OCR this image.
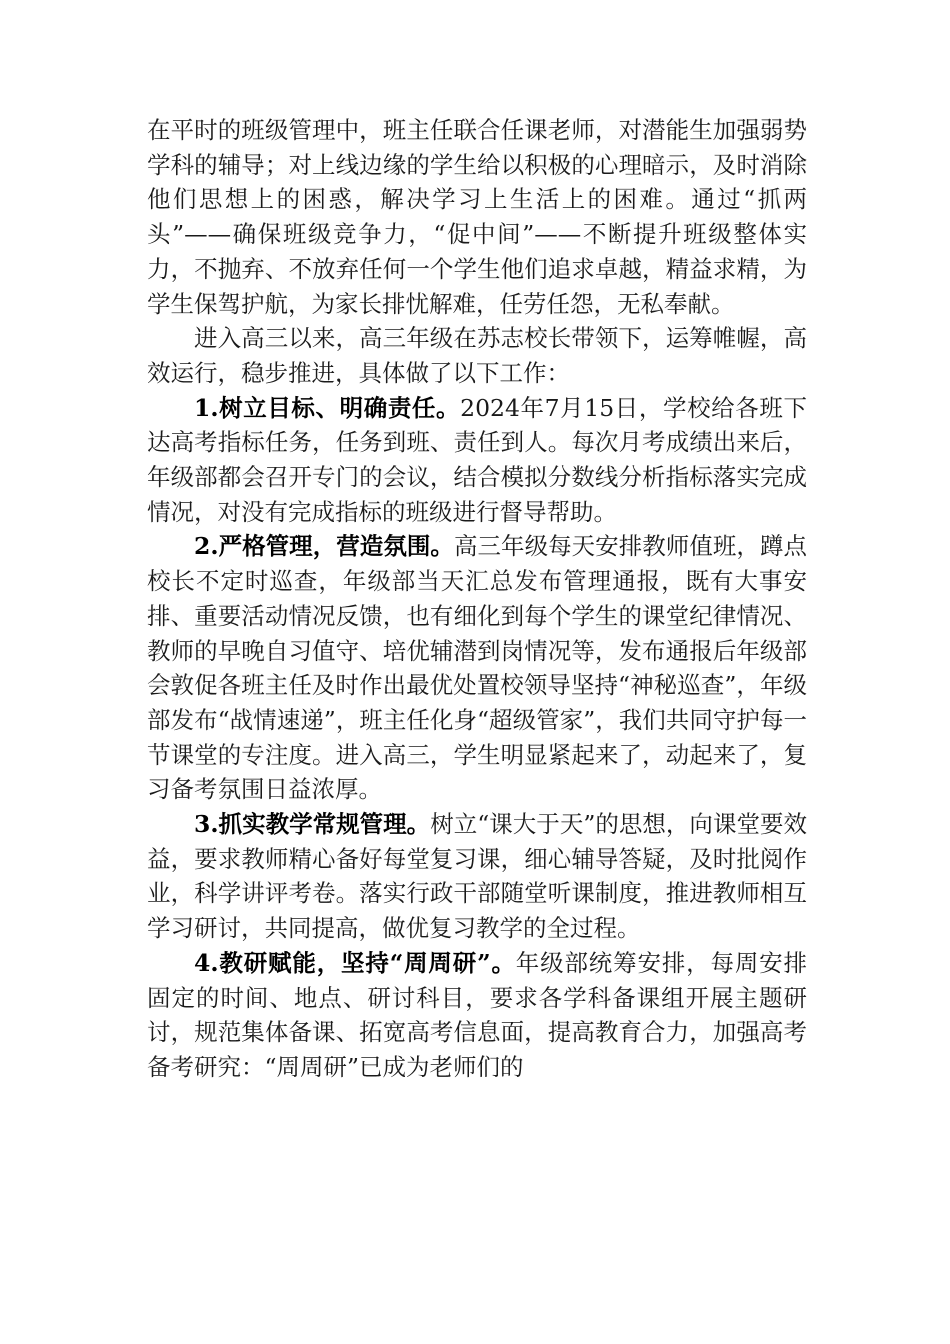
在平时的班级管理中，班主任联合任课老师，对潜能生加强弱势学科的辅导；对上线边缘的学生给以积极的心理暗示，及时消除他们思想上的困惑，解决学习上生活上的困难。通过“抓两头”——确保班级竞争力，“促中间”——不断提升班级整体实力，不抛弃、不放弃任何一个学生他们追求卓越，精益求精，为学生保驾护航，为家长排忧解难，任劳任怨，无私奉献。

进入高三以来，高三年级在苏志校长带领下，运筹帷幄，高效运行，稳步推进，具体做了以下工作：

1.树立目标、明确责任。2024年7月15日，学校给各班下达高考指标任务，任务到班、责任到人。每次月考成绩出来后，年级部都会召开专门的会议，结合模拟分数线分析指标落实完成情况，对没有完成指标的班级进行督导帮助。

2.严格管理，营造氛围。高三年级每天安排教师值班，蹲点校长不定时巡查，年级部当天汇总发布管理通报，既有大事安排、重要活动情况反馈，也有细化到每个学生的课堂纪律情况、教师的早晚自习值守、培优辅潜到岗情况等，发布通报后年级部会敦促各班主任及时作出最优处置校领导坚持“神秘巡查”，年级部发布“战情速递”，班主任化身“超级管家”，我们共同守护每一节课堂的专注度。进入高三，学生明显紧起来了，动起来了，复习备考氛围日益浓厚。

3.抓实教学常规管理。树立“课大于天”的思想，向课堂要效益，要求教师精心备好每堂复习课，细心辅导答疑，及时批阅作业，科学讲评考卷。落实行政干部随堂听课制度，推进教师相互学习研讨，共同提高，做优复习教学的全过程。

4.教研赋能，坚持“周周研”。年级部统筹安排，每周安排固定的时间、地点、研讨科目，要求各学科备课组开展主题研讨，规范集体备课、拓宽高考信息面，提高教育合力，加强高考备考研究：“周周研”已成为老师们的
